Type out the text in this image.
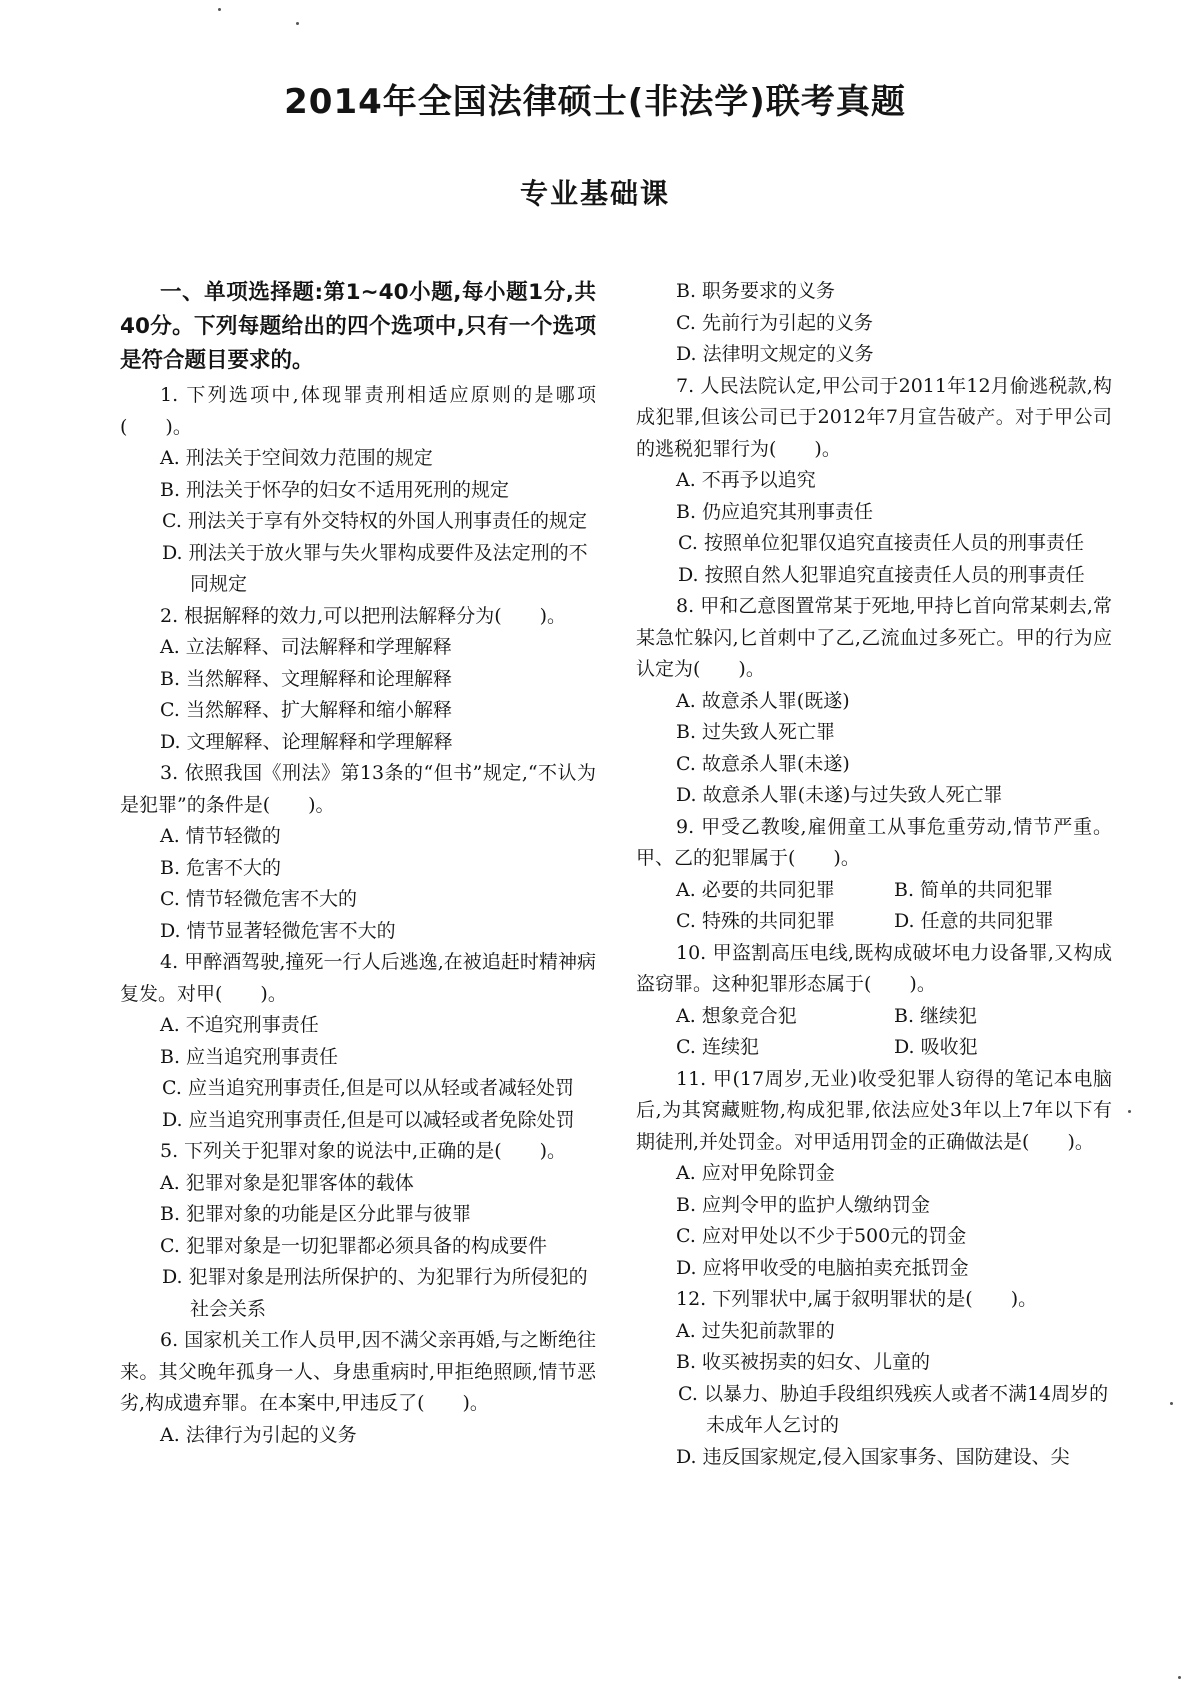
2014年全国法律硕士(非法学)联考真题
专业基础课
一、单项选择题:第1~40小题,每小题1分,共40分。下列每题给出的四个选项中,只有一个选项是符合题目要求的。
1. 下列选项中,体现罪责刑相适应原则的是哪项(　　)。
A. 刑法关于空间效力范围的规定
B. 刑法关于怀孕的妇女不适用死刑的规定
C. 刑法关于享有外交特权的外国人刑事责任的规定
D. 刑法关于放火罪与失火罪构成要件及法定刑的不同规定
2. 根据解释的效力,可以把刑法解释分为(　　)。
A. 立法解释、司法解释和学理解释
B. 当然解释、文理解释和论理解释
C. 当然解释、扩大解释和缩小解释
D. 文理解释、论理解释和学理解释
3. 依照我国《刑法》第13条的“但书”规定,“不认为是犯罪”的条件是(　　)。
A. 情节轻微的
B. 危害不大的
C. 情节轻微危害不大的
D. 情节显著轻微危害不大的
4. 甲醉酒驾驶,撞死一行人后逃逸,在被追赶时精神病复发。对甲(　　)。
A. 不追究刑事责任
B. 应当追究刑事责任
C. 应当追究刑事责任,但是可以从轻或者减轻处罚
D. 应当追究刑事责任,但是可以减轻或者免除处罚
5. 下列关于犯罪对象的说法中,正确的是(　　)。
A. 犯罪对象是犯罪客体的载体
B. 犯罪对象的功能是区分此罪与彼罪
C. 犯罪对象是一切犯罪都必须具备的构成要件
D. 犯罪对象是刑法所保护的、为犯罪行为所侵犯的社会关系
6. 国家机关工作人员甲,因不满父亲再婚,与之断绝往来。其父晚年孤身一人、身患重病时,甲拒绝照顾,情节恶劣,构成遗弃罪。在本案中,甲违反了(　　)。
A. 法律行为引起的义务
B. 职务要求的义务
C. 先前行为引起的义务
D. 法律明文规定的义务
7. 人民法院认定,甲公司于2011年12月偷逃税款,构成犯罪,但该公司已于2012年7月宣告破产。对于甲公司的逃税犯罪行为(　　)。
A. 不再予以追究
B. 仍应追究其刑事责任
C. 按照单位犯罪仅追究直接责任人员的刑事责任
D. 按照自然人犯罪追究直接责任人员的刑事责任
8. 甲和乙意图置常某于死地,甲持匕首向常某刺去,常某急忙躲闪,匕首刺中了乙,乙流血过多死亡。甲的行为应认定为(　　)。
A. 故意杀人罪(既遂)
B. 过失致人死亡罪
C. 故意杀人罪(未遂)
D. 故意杀人罪(未遂)与过失致人死亡罪
9. 甲受乙教唆,雇佣童工从事危重劳动,情节严重。甲、乙的犯罪属于(　　)。
A. 必要的共同犯罪	B. 简单的共同犯罪
C. 特殊的共同犯罪	D. 任意的共同犯罪
10. 甲盗割高压电线,既构成破坏电力设备罪,又构成盗窃罪。这种犯罪形态属于(　　)。
A. 想象竞合犯	B. 继续犯
C. 连续犯	D. 吸收犯
11. 甲(17周岁,无业)收受犯罪人窃得的笔记本电脑后,为其窝藏赃物,构成犯罪,依法应处3年以上7年以下有期徒刑,并处罚金。对甲适用罚金的正确做法是(　　)。
A. 应对甲免除罚金
B. 应判令甲的监护人缴纳罚金
C. 应对甲处以不少于500元的罚金
D. 应将甲收受的电脑拍卖充抵罚金
12. 下列罪状中,属于叙明罪状的是(　　)。
A. 过失犯前款罪的
B. 收买被拐卖的妇女、儿童的
C. 以暴力、胁迫手段组织残疾人或者不满14周岁的未成年人乞讨的
D. 违反国家规定,侵入国家事务、国防建设、尖
